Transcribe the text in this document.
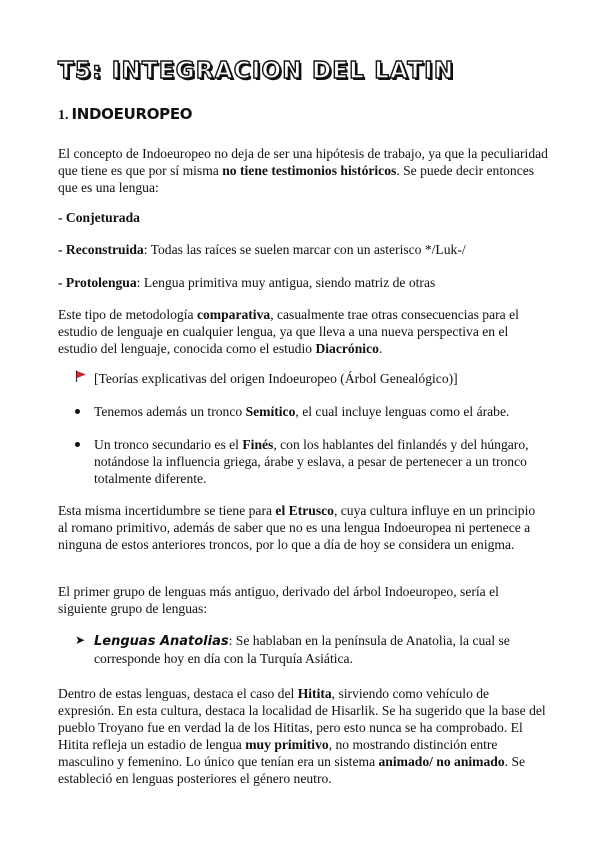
T5: INTEGRACION DEL LATIN
1. INDOEUROPEO

El concepto de Indoeuropeo no deja de ser una hipótesis de trabajo, ya que la peculiaridad que tiene es que por sí misma no tiene testimonios históricos. Se puede decir entonces que es una lengua:

- Conjeturada

- Reconstruida: Todas las raíces se suelen marcar con un asterisco */Luk-/

- Protolengua: Lengua primitiva muy antigua, siendo matriz de otras

Este tipo de metodología comparativa, casualmente trae otras consecuencias para el estudio de lenguaje en cualquier lengua, ya que lleva a una nueva perspectiva en el estudio del lenguaje, conocida como el estudio Diacrónico.

[Teorías explicativas del origen Indoeuropeo (Árbol Genealógico)]

Tenemos además un tronco Semítico, el cual incluye lenguas como el árabe.

Un tronco secundario es el Finés, con los hablantes del finlandés y del húngaro, notándose la influencia griega, árabe y eslava, a pesar de pertenecer a un tronco totalmente diferente.

Esta misma incertidumbre se tiene para el Etrusco, cuya cultura influye en un principio al romano primitivo, además de saber que no es una lengua Indoeuropea ni pertenece a ninguna de estos anteriores troncos, por lo que a día de hoy se considera un enigma.

El primer grupo de lenguas más antiguo, derivado del árbol Indoeuropeo, sería el siguiente grupo de lenguas:

➤ Lenguas Anatolias: Se hablaban en la península de Anatolia, la cual se corresponde hoy en día con la Turquía Asiática.

Dentro de estas lenguas, destaca el caso del Hitita, sirviendo como vehículo de expresión. En esta cultura, destaca la localidad de Hisarlik. Se ha sugerido que la base del pueblo Troyano fue en verdad la de los Hititas, pero esto nunca se ha comprobado. El Hitita refleja un estadio de lengua muy primitivo, no mostrando distinción entre masculino y femenino. Lo único que tenían era un sistema animado/ no animado. Se estableció en lenguas posteriores el género neutro.
